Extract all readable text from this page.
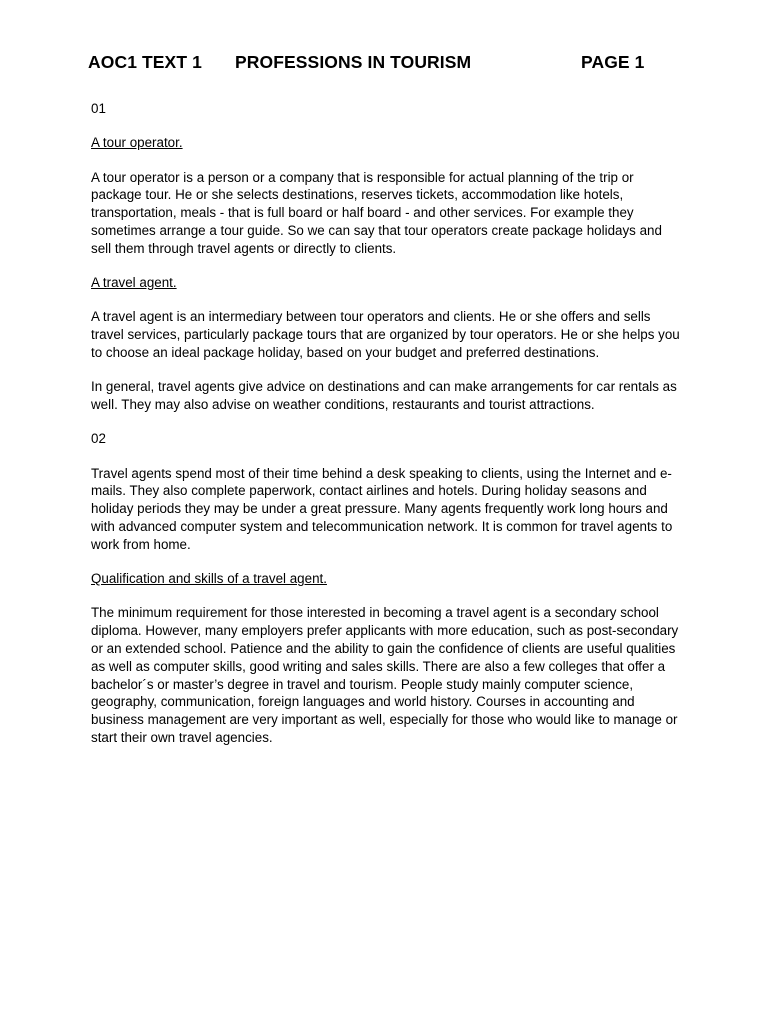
AOC1 TEXT 1 PROFESSIONS IN TOURISM	PAGE 1

01

A tour operator.

A tour operator is a person or a company that is responsible for actual planning of the trip or package tour. He or she selects destinations, reserves tickets, accommodation like hotels, transportation, meals - that is full board or half board - and other services. For example they sometimes arrange a tour guide. So we can say that tour operators create package holidays and sell them through travel agents or directly to clients.

A travel agent.

A travel agent is an intermediary between tour operators and clients. He or she offers and sells travel services, particularly package tours that are organized by tour operators. He or she helps you to choose an ideal package holiday, based on your budget and preferred destinations.

In general, travel agents give advice on destinations and can make arrangements for car rentals as well. They may also advise on weather conditions, restaurants and tourist attractions.

02

Travel agents spend most of their time behind a desk speaking to clients, using the Internet and e-mails. They also complete paperwork, contact airlines and hotels. During holiday seasons and holiday periods they may be under a great pressure. Many agents frequently work long hours and with advanced computer system and telecommunication network. It is common for travel agents to work from home.

Qualification and skills of a travel agent.

The minimum requirement for those interested in becoming a travel agent is a secondary school diploma. However, many employers prefer applicants with more education, such as post-secondary or an extended school. Patience and the ability to gain the confidence of clients are useful qualities as well as computer skills, good writing and sales skills. There are also a few colleges that offer a bachelor´s or master’s degree in travel and tourism. People study mainly computer science, geography, communication, foreign languages and world history. Courses in accounting and business management are very important as well, especially for those who would like to manage or start their own travel agencies.
